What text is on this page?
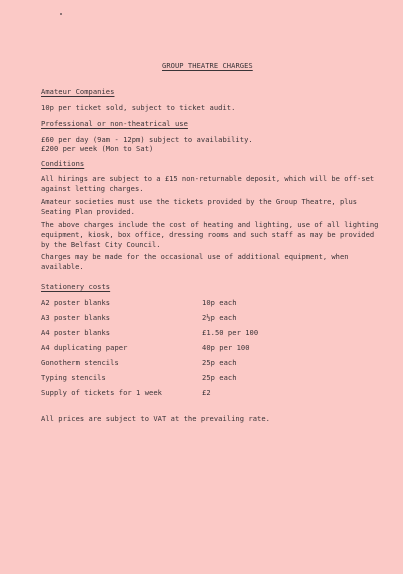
GROUP THEATRE CHARGES
Amateur Companies
10p per ticket sold, subject to ticket audit.
Professional or non-theatrical use
£60 per day (9am - 12pm) subject to availability.
£200 per week (Mon to Sat)
Conditions
All hirings are subject to a £15 non-returnable deposit, which will be off-set against letting charges.
Amateur societies must use the tickets provided by the Group Theatre, plus Seating Plan provided.
The above charges include the cost of heating and lighting, use of all lighting equipment, kiosk, box office, dressing rooms and such staff as may be provided by the Belfast City Council.
Charges may be made for the occasional use of additional equipment, when available.
Stationery costs
A2 poster blanks	10p each
A3 poster blanks	2½p each
A4 poster blanks	£1.50 per 100
A4 duplicating paper	40p per 100
Gonotherm stencils	25p each
Typing stencils	25p each
Supply of tickets for 1 week	£2
All prices are subject to VAT at the prevailing rate.
